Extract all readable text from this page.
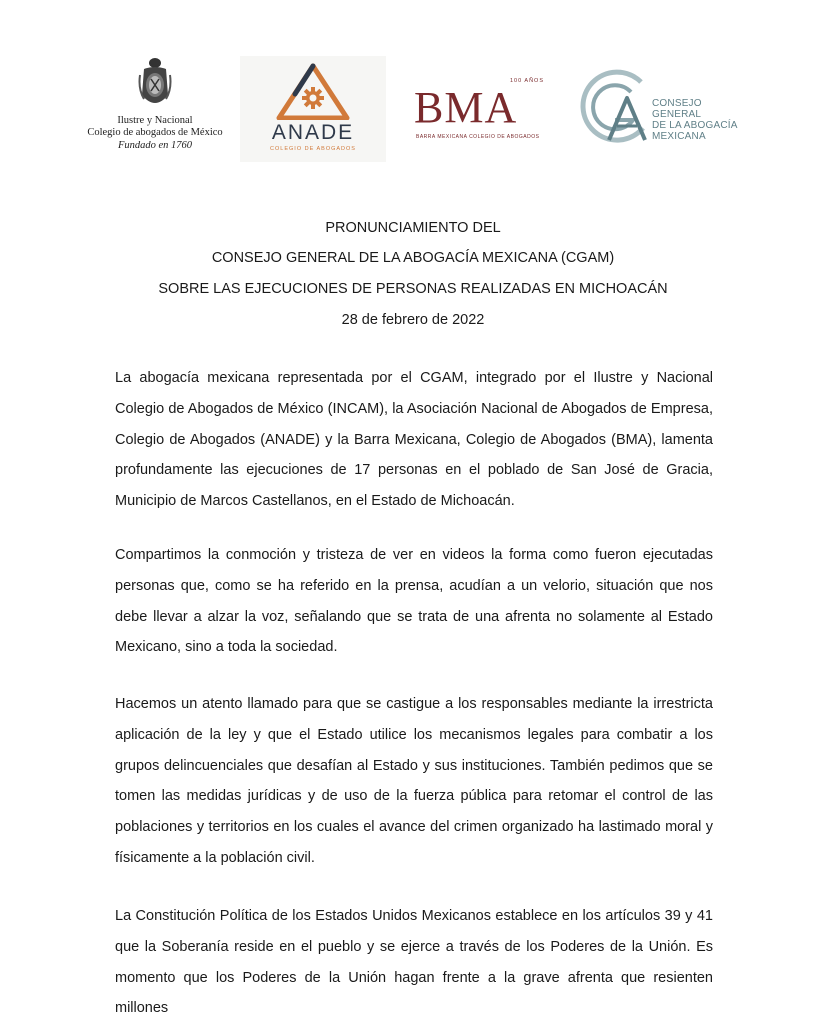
Ilustre y Nacional
Colegio de abogados de México
Fundado en 1760
ANADE
COLEGIO DE ABOGADOS
100 AÑOS
BMA
BARRA MEXICANA COLEGIO DE ABOGADOS
CONSEJO GENERAL
DE LA ABOGACÍA
MEXICANA
PRONUNCIAMIENTO DEL
CONSEJO GENERAL DE LA ABOGACÍA MEXICANA (CGAM)
SOBRE LAS EJECUCIONES DE PERSONAS REALIZADAS EN MICHOACÁN
28 de febrero de 2022

La abogacía mexicana representada por el CGAM, integrado por el Ilustre y Nacional Colegio de Abogados de México (INCAM), la Asociación Nacional de Abogados de Empresa, Colegio de Abogados (ANADE) y la Barra Mexicana, Colegio de Abogados (BMA), lamenta profundamente las ejecuciones de 17 personas en el poblado de San José de Gracia, Municipio de Marcos Castellanos, en el Estado de Michoacán.

Compartimos la conmoción y tristeza de ver en videos la forma como fueron ejecutadas personas que, como se ha referido en la prensa, acudían a un velorio, situación que nos debe llevar a alzar la voz, señalando que se trata de una afrenta no solamente al Estado Mexicano, sino a toda la sociedad.

Hacemos un atento llamado para que se castigue a los responsables mediante la irrestricta aplicación de la ley y que el Estado utilice los mecanismos legales para combatir a los grupos delincuenciales que desafían al Estado y sus instituciones. También pedimos que se tomen las medidas jurídicas y de uso de la fuerza pública para retomar el control de las poblaciones y territorios en los cuales el avance del crimen organizado ha lastimado moral y físicamente a la población civil.

La Constitución Política de los Estados Unidos Mexicanos establece en los artículos 39 y 41 que la Soberanía reside en el pueblo y se ejerce a través de los Poderes de la Unión. Es momento que los Poderes de la Unión hagan frente a la grave afrenta que resienten millones
